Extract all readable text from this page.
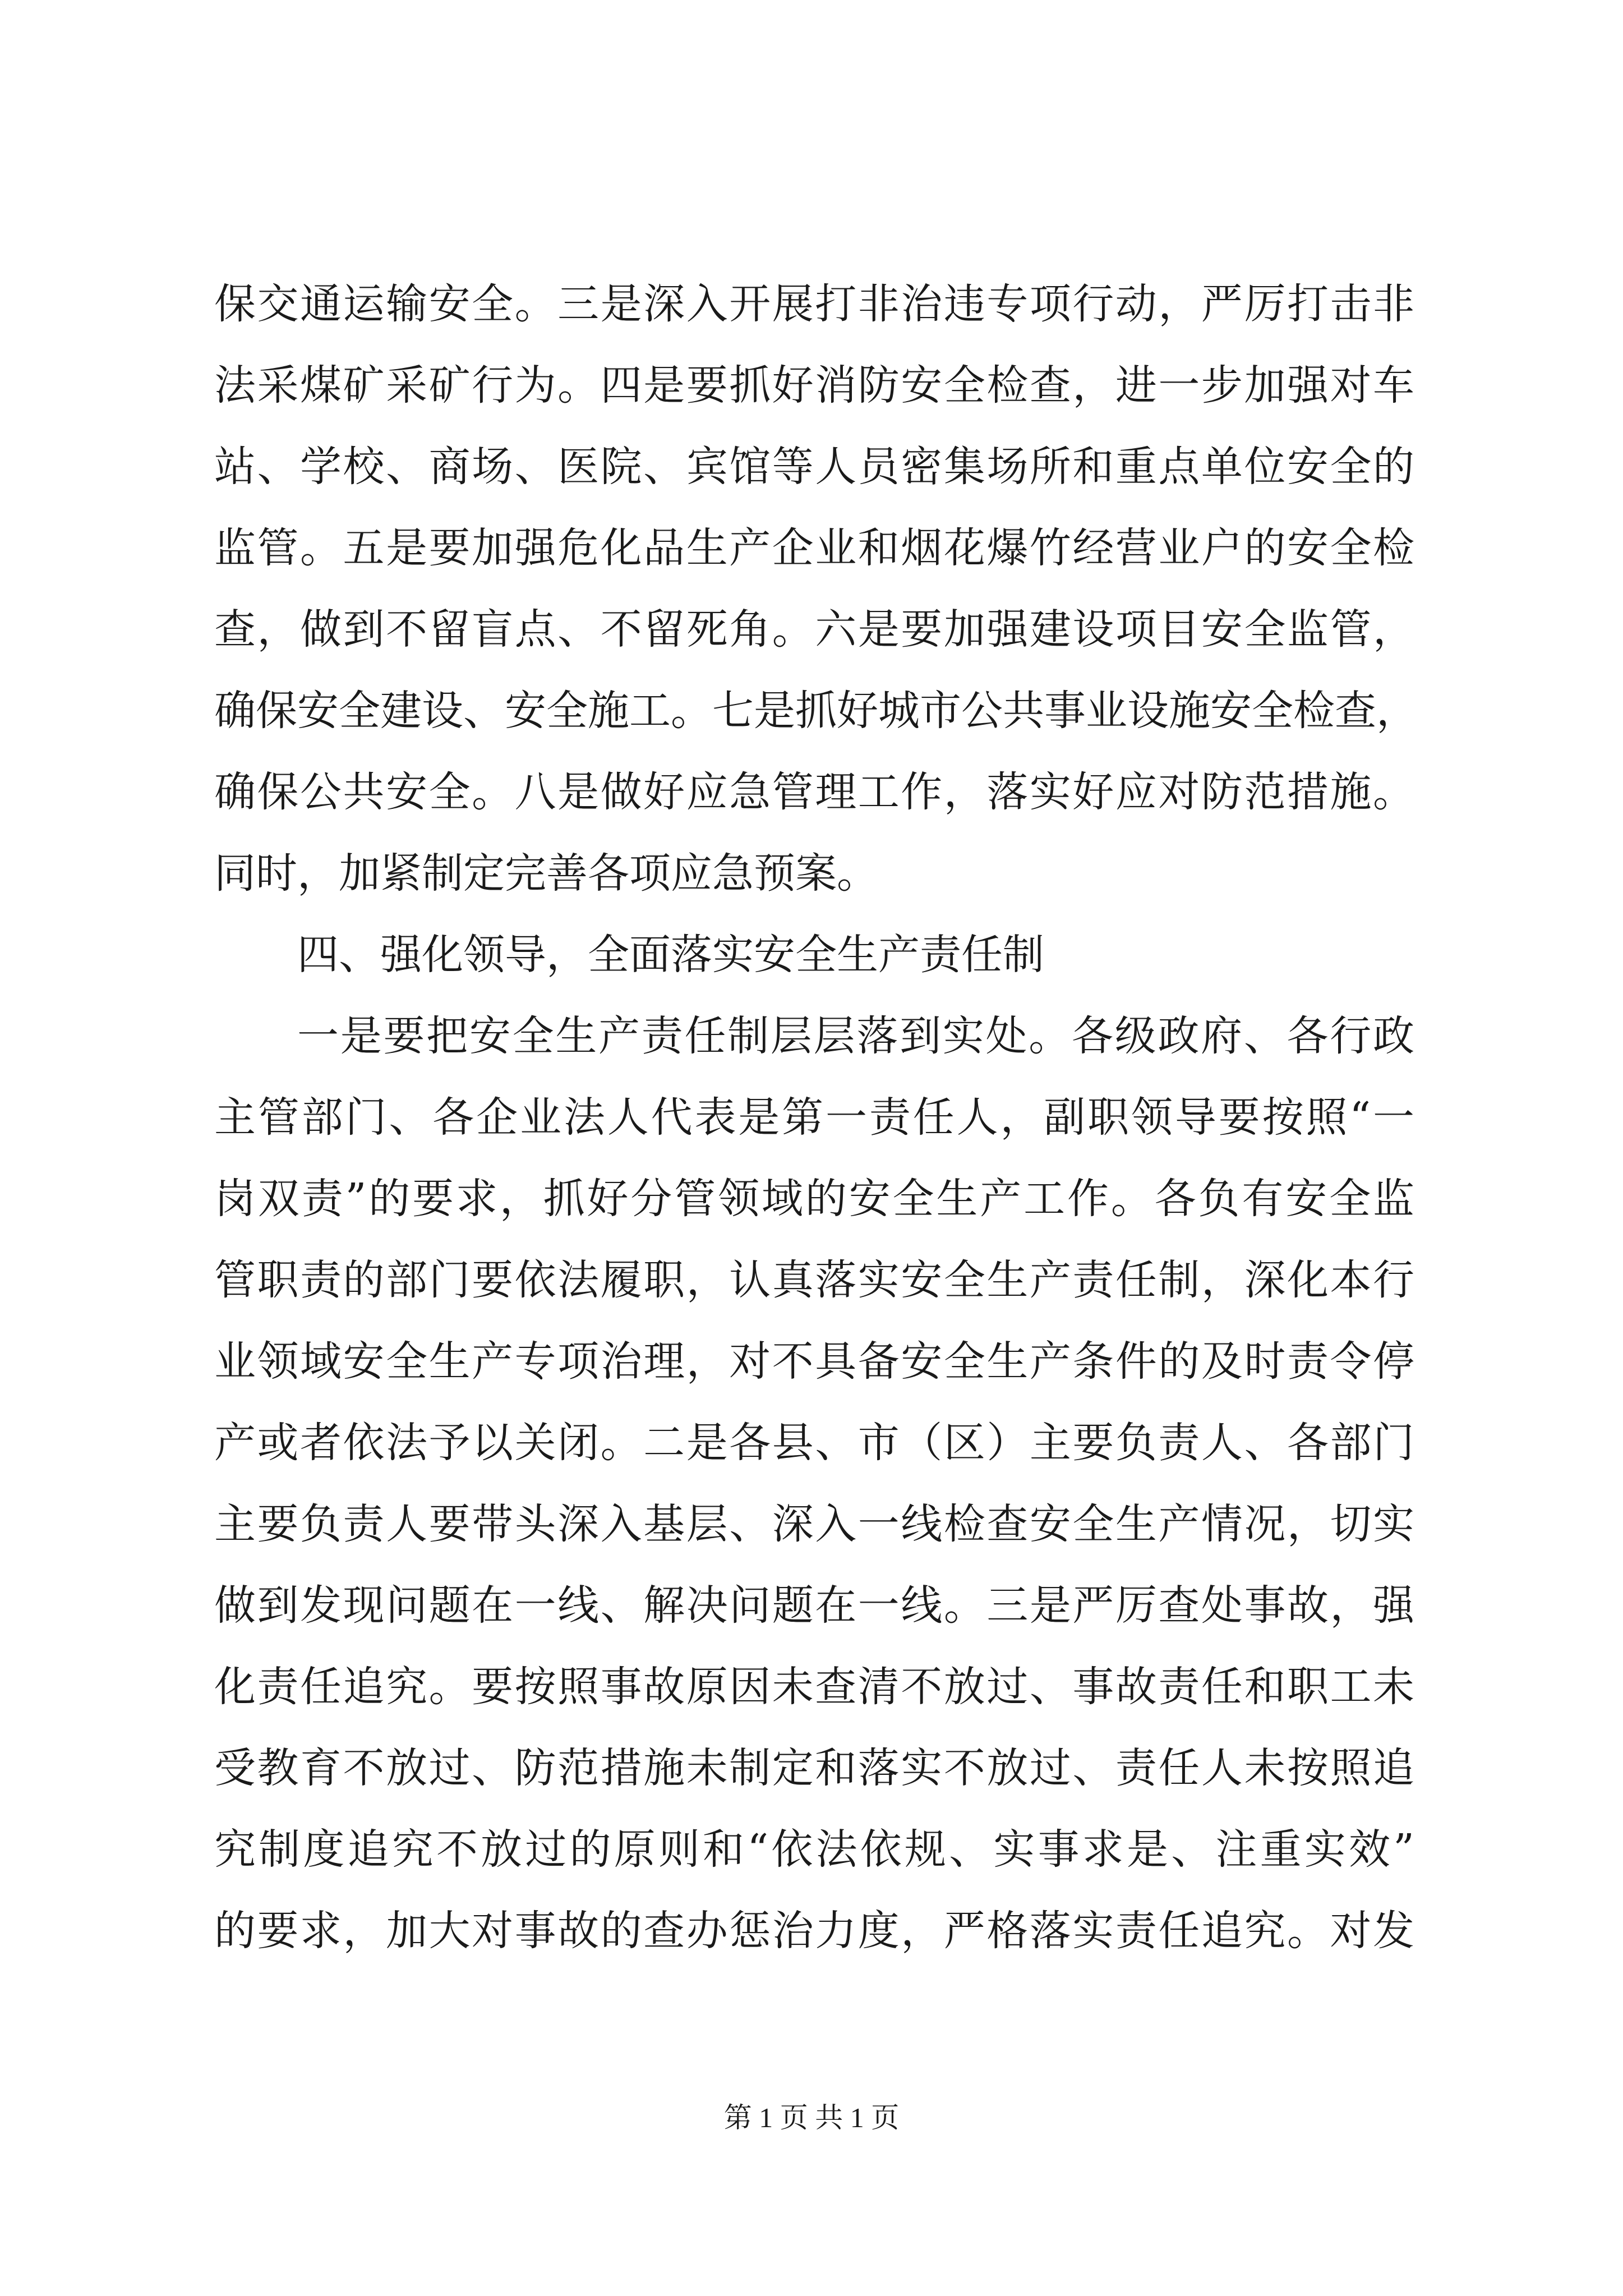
保交通运输安全。三是深入开展打非治违专项行动，严厉打击非
法采煤矿采矿行为。四是要抓好消防安全检查，进一步加强对车
站、学校、商场、医院、宾馆等人员密集场所和重点单位安全的
监管。五是要加强危化品生产企业和烟花爆竹经营业户的安全检
查，做到不留盲点、不留死角。六是要加强建设项目安全监管，
确保安全建设、安全施工。七是抓好城市公共事业设施安全检查，
确保公共安全。八是做好应急管理工作，落实好应对防范措施。
同时，加紧制定完善各项应急预案。
四、强化领导，全面落实安全生产责任制
一是要把安全生产责任制层层落到实处。各级政府、各行政
主管部门、各企业法人代表是第一责任人，副职领导要按照“一
岗双责”的要求，抓好分管领域的安全生产工作。各负有安全监
管职责的部门要依法履职，认真落实安全生产责任制，深化本行
业领域安全生产专项治理，对不具备安全生产条件的及时责令停
产或者依法予以关闭。二是各县、市（区）主要负责人、各部门
主要负责人要带头深入基层、深入一线检查安全生产情况，切实
做到发现问题在一线、解决问题在一线。三是严厉查处事故，强
化责任追究。要按照事故原因未查清不放过、事故责任和职工未
受教育不放过、防范措施未制定和落实不放过、责任人未按照追
究制度追究不放过的原则和“依法依规、实事求是、注重实效”
的要求，加大对事故的查办惩治力度，严格落实责任追究。对发
第 1 页 共 1 页
